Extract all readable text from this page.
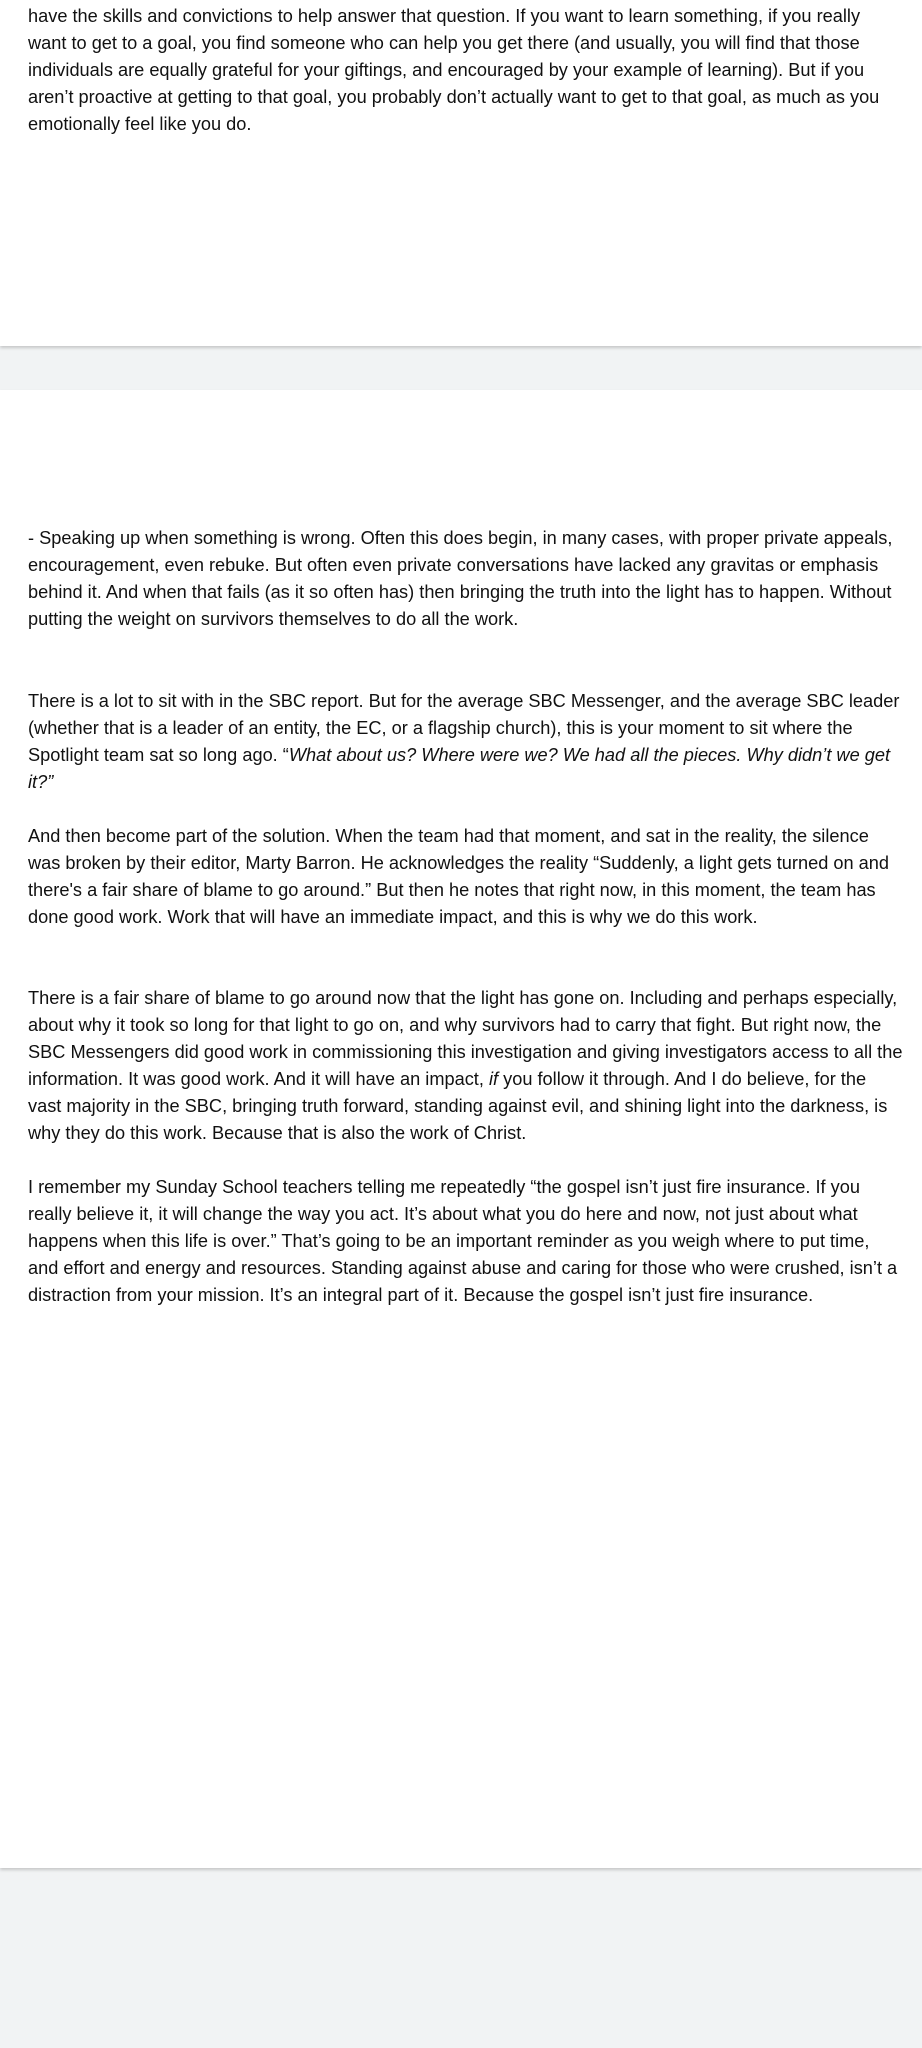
have the skills and convictions to help answer that question. If you want to learn something, if you really want to get to a goal, you find someone who can help you get there (and usually, you will find that those individuals are equally grateful for your giftings, and encouraged by your example of learning). But if you aren’t proactive at getting to that goal, you probably don’t actually want to get to that goal, as much as you emotionally feel like you do.

- Speaking up when something is wrong. Often this does begin, in many cases, with proper private appeals, encouragement, even rebuke. But often even private conversations have lacked any gravitas or emphasis behind it. And when that fails (as it so often has) then bringing the truth into the light has to happen. Without putting the weight on survivors themselves to do all the work.

There is a lot to sit with in the SBC report. But for the average SBC Messenger, and the average SBC leader (whether that is a leader of an entity, the EC, or a flagship church), this is your moment to sit where the Spotlight team sat so long ago. “What about us? Where were we? We had all the pieces. Why didn’t we get it?”

And then become part of the solution. When the team had that moment, and sat in the reality, the silence was broken by their editor, Marty Barron. He acknowledges the reality “Suddenly, a light gets turned on and there's a fair share of blame to go around.” But then he notes that right now, in this moment, the team has done good work. Work that will have an immediate impact, and this is why we do this work.

There is a fair share of blame to go around now that the light has gone on. Including and perhaps especially, about why it took so long for that light to go on, and why survivors had to carry that fight. But right now, the SBC Messengers did good work in commissioning this investigation and giving investigators access to all the information. It was good work. And it will have an impact, if you follow it through. And I do believe, for the vast majority in the SBC, bringing truth forward, standing against evil, and shining light into the darkness, is why they do this work. Because that is also the work of Christ.

I remember my Sunday School teachers telling me repeatedly “the gospel isn’t just fire insurance. If you really believe it, it will change the way you act. It’s about what you do here and now, not just about what happens when this life is over.” That’s going to be an important reminder as you weigh where to put time, and effort and energy and resources. Standing against abuse and caring for those who were crushed, isn’t a distraction from your mission. It’s an integral part of it. Because the gospel isn’t just fire insurance.
